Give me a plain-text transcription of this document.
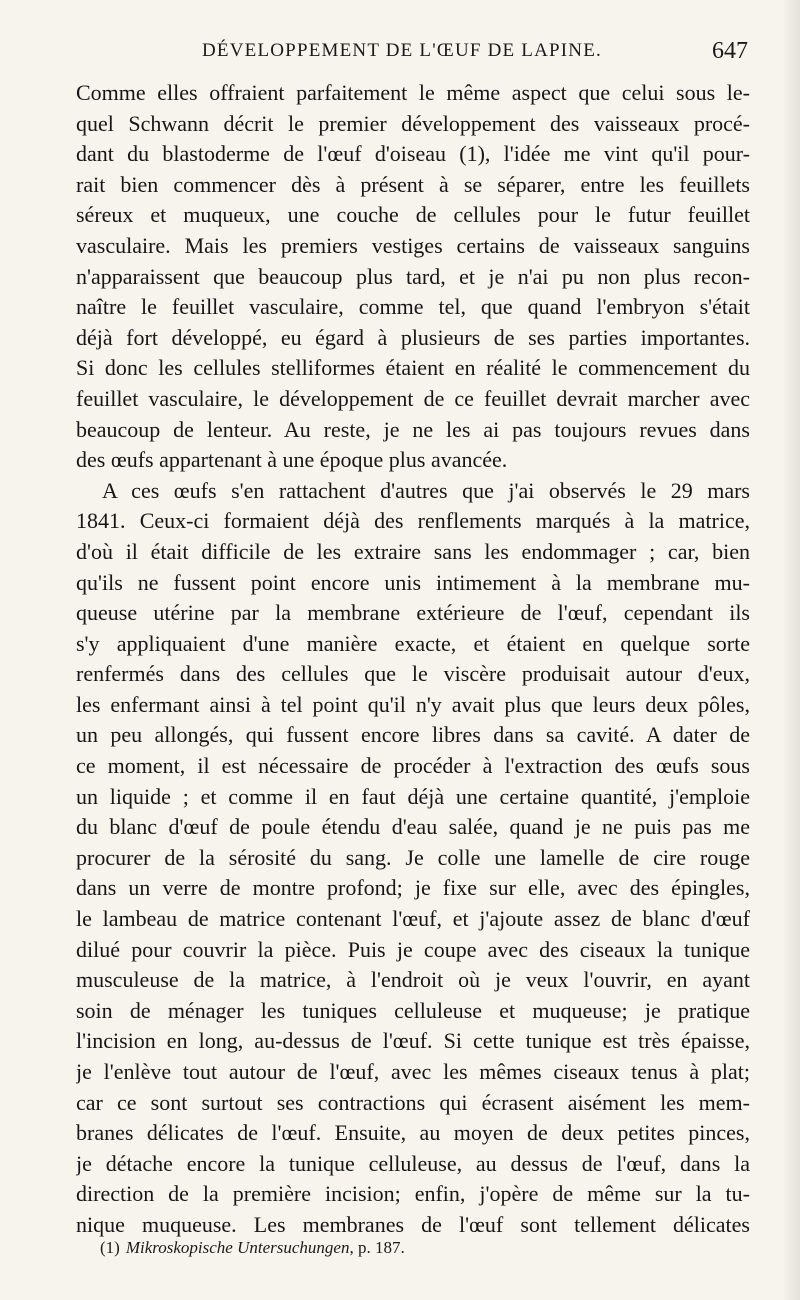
DÉVELOPPEMENT DE L'ŒUF DE LAPINE.	647
Comme elles offraient parfaitement le même aspect que celui sous le-
quel Schwann décrit le premier développement des vaisseaux procé-
dant du blastoderme de l'œuf d'oiseau (1), l'idée me vint qu'il pour-
rait bien commencer dès à présent à se séparer, entre les feuillets
séreux et muqueux, une couche de cellules pour le futur feuillet
vasculaire. Mais les premiers vestiges certains de vaisseaux sanguins
n'apparaissent que beaucoup plus tard, et je n'ai pu non plus recon-
naître le feuillet vasculaire, comme tel, que quand l'embryon s'était
déjà fort développé, eu égard à plusieurs de ses parties importantes.
Si donc les cellules stelliformes étaient en réalité le commencement du
feuillet vasculaire, le développement de ce feuillet devrait marcher avec
beaucoup de lenteur. Au reste, je ne les ai pas toujours revues dans
des œufs appartenant à une époque plus avancée.
A ces œufs s'en rattachent d'autres que j'ai observés le 29 mars
1841. Ceux-ci formaient déjà des renflements marqués à la matrice,
d'où il était difficile de les extraire sans les endommager ; car, bien
qu'ils ne fussent point encore unis intimement à la membrane mu-
queuse utérine par la membrane extérieure de l'œuf, cependant ils
s'y appliquaient d'une manière exacte, et étaient en quelque sorte
renfermés dans des cellules que le viscère produisait autour d'eux,
les enfermant ainsi à tel point qu'il n'y avait plus que leurs deux pôles,
un peu allongés, qui fussent encore libres dans sa cavité. A dater de
ce moment, il est nécessaire de procéder à l'extraction des œufs sous
un liquide ; et comme il en faut déjà une certaine quantité, j'emploie
du blanc d'œuf de poule étendu d'eau salée, quand je ne puis pas me
procurer de la sérosité du sang. Je colle une lamelle de cire rouge
dans un verre de montre profond; je fixe sur elle, avec des épingles,
le lambeau de matrice contenant l'œuf, et j'ajoute assez de blanc d'œuf
dilué pour couvrir la pièce. Puis je coupe avec des ciseaux la tunique
musculeuse de la matrice, à l'endroit où je veux l'ouvrir, en ayant
soin de ménager les tuniques celluleuse et muqueuse; je pratique
l'incision en long, au-dessus de l'œuf. Si cette tunique est très épaisse,
je l'enlève tout autour de l'œuf, avec les mêmes ciseaux tenus à plat;
car ce sont surtout ses contractions qui écrasent aisément les mem-
branes délicates de l'œuf. Ensuite, au moyen de deux petites pinces,
je détache encore la tunique celluleuse, au dessus de l'œuf, dans la
direction de la première incision; enfin, j'opère de même sur la tu-
nique muqueuse. Les membranes de l'œuf sont tellement délicates
(1) Mikroskopische Untersuchungen, p. 187.
